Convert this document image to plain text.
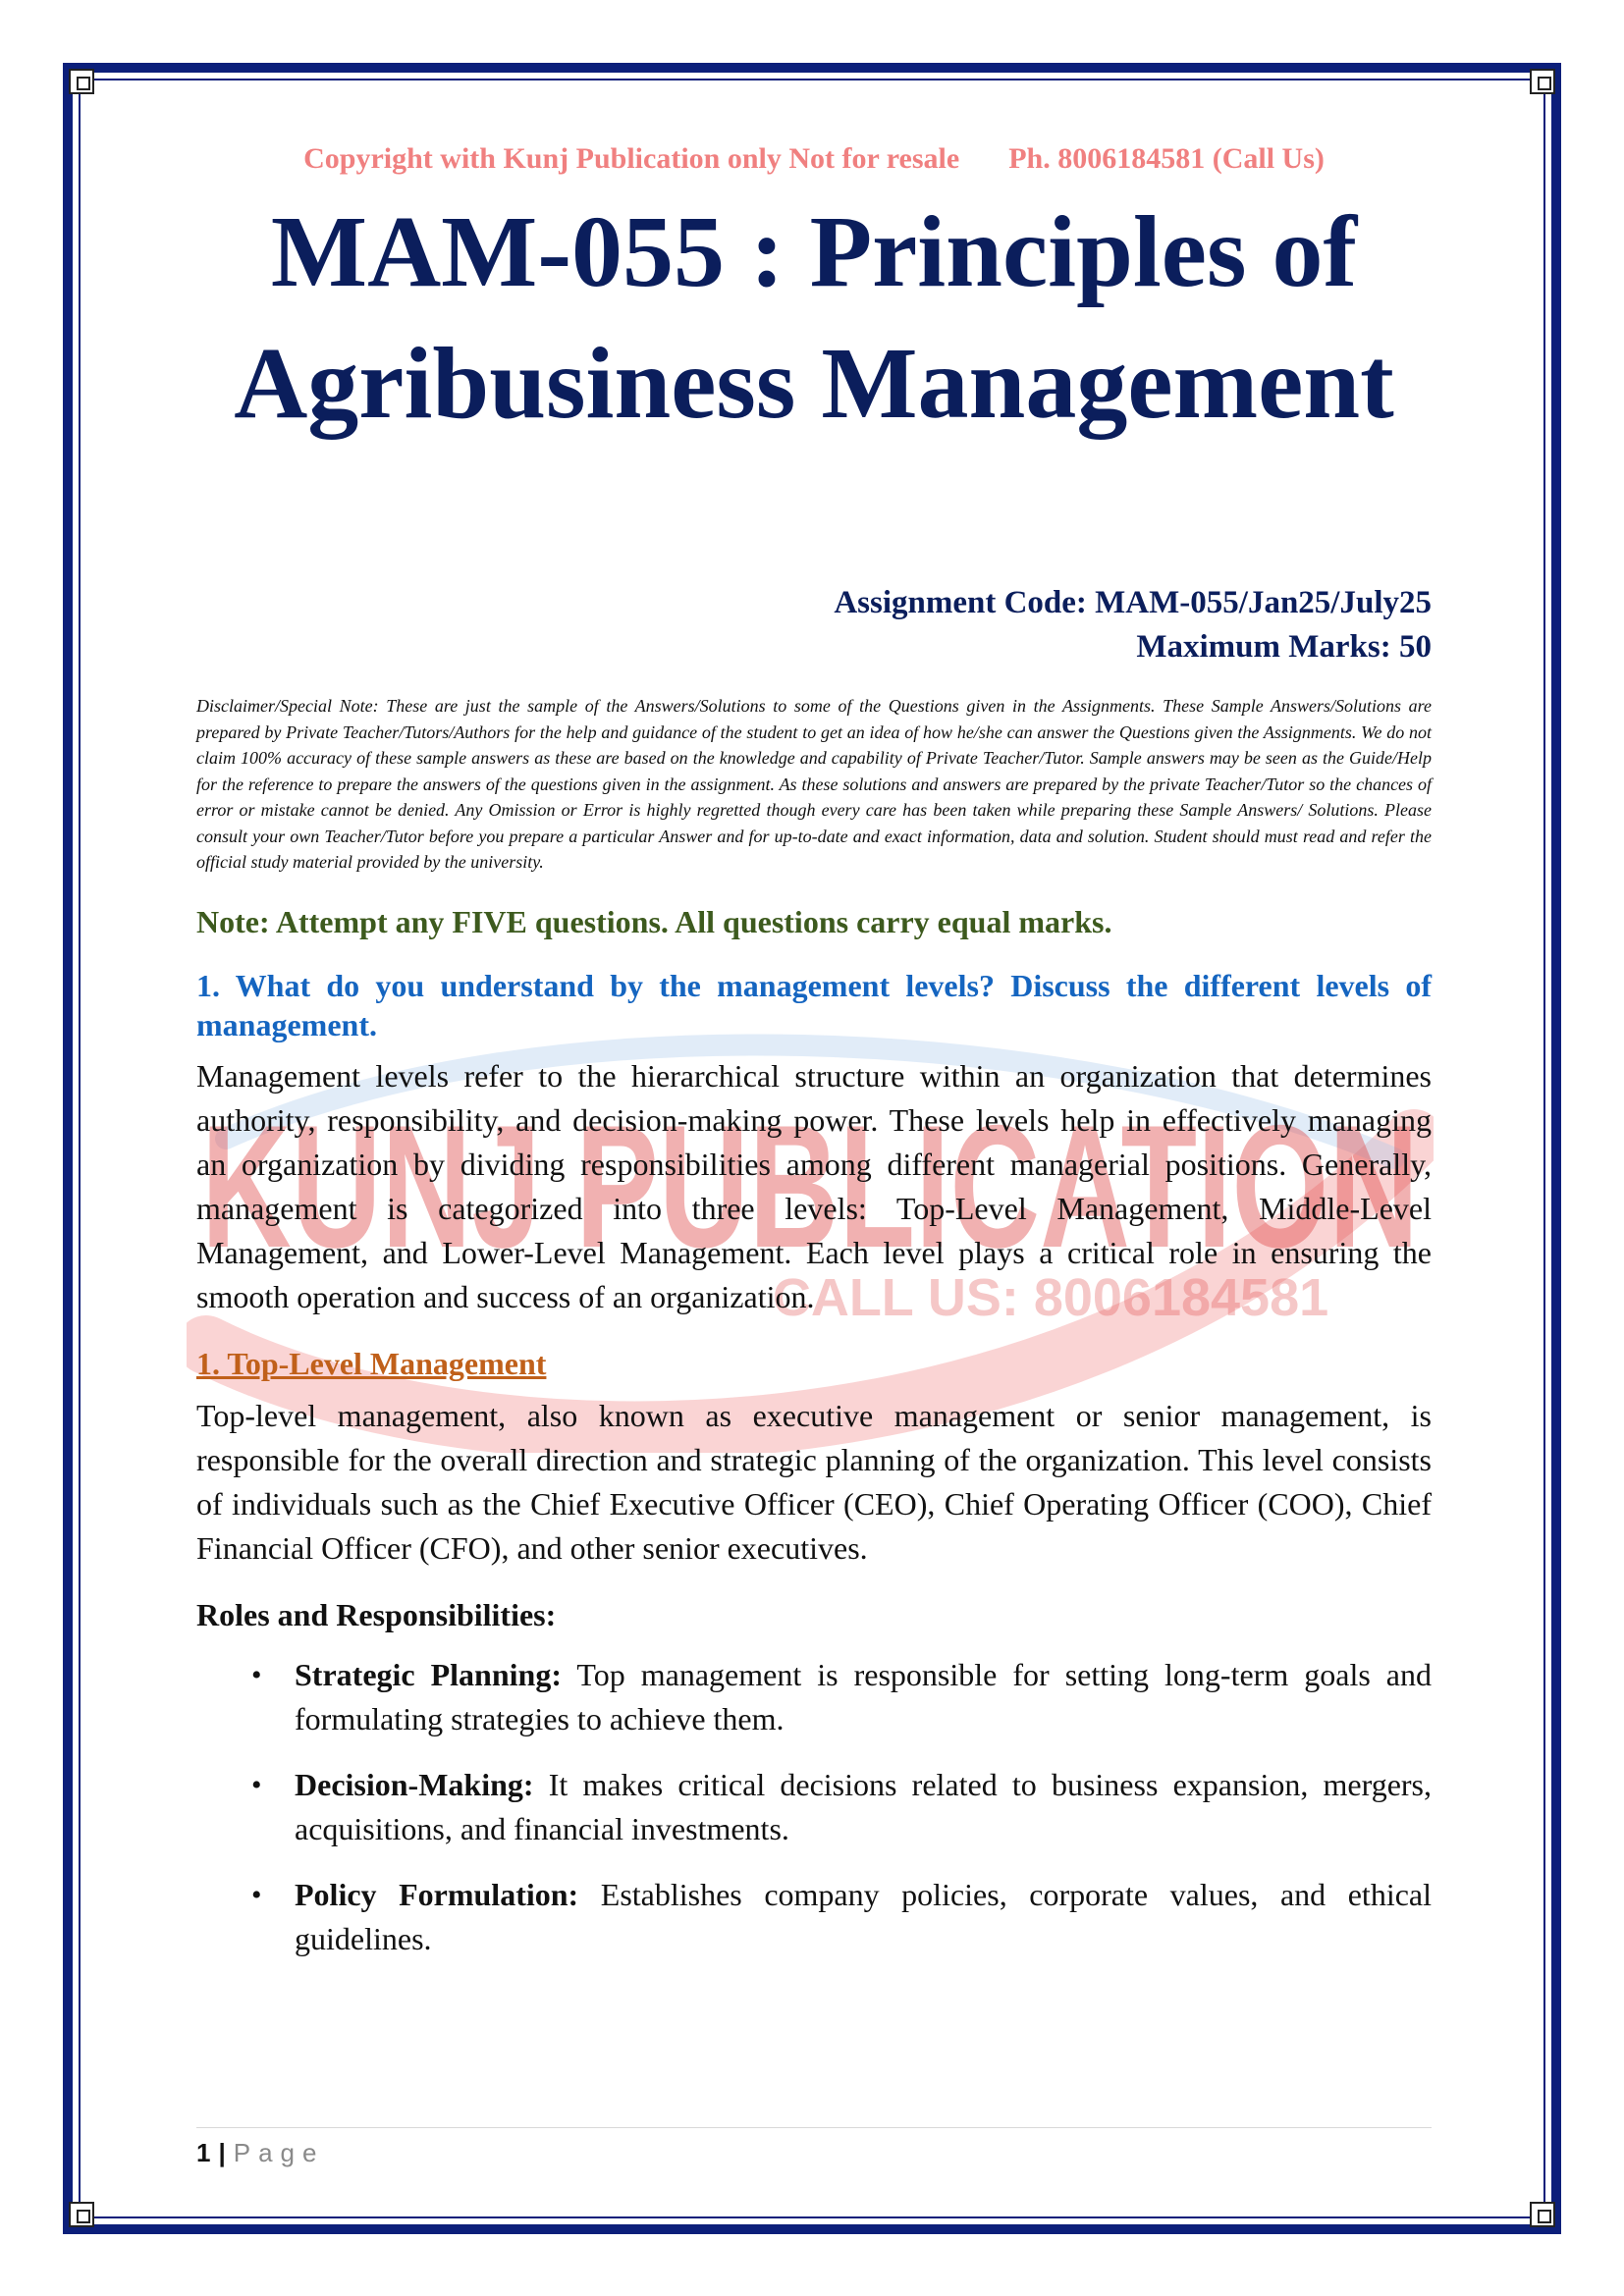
KUNJ PUBLICATION
CALL US: 8006184581

Copyright with Kunj Publication only Not for resale Ph. 8006184581 (Call Us)

MAM-055 : Principles of
Agribusiness Management
Assignment Code: MAM-055/Jan25/July25
Maximum Marks: 50

Disclaimer/Special Note: These are just the sample of the Answers/Solutions to some of the Questions given in the Assignments. These Sample Answers/Solutions are prepared by Private Teacher/Tutors/Authors for the help and guidance of the student to get an idea of how he/she can answer the Questions given the Assignments. We do not claim 100% accuracy of these sample answers as these are based on the knowledge and capability of Private Teacher/Tutor. Sample answers may be seen as the Guide/Help for the reference to prepare the answers of the questions given in the assignment. As these solutions and answers are prepared by the private Teacher/Tutor so the chances of error or mistake cannot be denied. Any Omission or Error is highly regretted though every care has been taken while preparing these Sample Answers/ Solutions. Please consult your own Teacher/Tutor before you prepare a particular Answer and for up-to-date and exact information, data and solution. Student should must read and refer the official study material provided by the university.

Note: Attempt any FIVE questions. All questions carry equal marks.

1. What do you understand by the management levels? Discuss the different levels of management.

Management levels refer to the hierarchical structure within an organization that determines authority, responsibility, and decision-making power. These levels help in effectively managing an organization by dividing responsibilities among different managerial positions. Generally, management is categorized into three levels: Top-Level Management, Middle-Level Management, and Lower-Level Management. Each level plays a critical role in ensuring the smooth operation and success of an organization.

1. Top-Level Management

Top-level management, also known as executive management or senior management, is responsible for the overall direction and strategic planning of the organization. This level consists of individuals such as the Chief Executive Officer (CEO), Chief Operating Officer (COO), Chief Financial Officer (CFO), and other senior executives.

Roles and Responsibilities:

• Strategic Planning: Top management is responsible for setting long-term goals and formulating strategies to achieve them.
• Decision-Making: It makes critical decisions related to business expansion, mergers, acquisitions, and financial investments.
• Policy Formulation: Establishes company policies, corporate values, and ethical guidelines.
1 | Page
